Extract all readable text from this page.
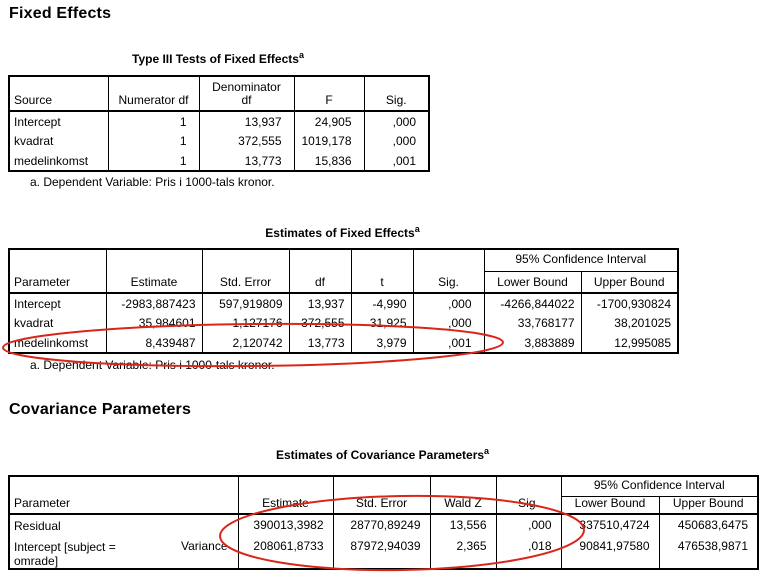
Fixed Effects
Type III Tests of Fixed Effects$^a$
Source	Numerator df	Denominator df	F	Sig.
Intercept	1	13,937	24,905	,000
kvadrat	1	372,555	1019,178	,000
medelinkomst	1	13,773	15,836	,001
a. Dependent Variable: Pris i 1000-tals kronor.
Estimates of Fixed Effects$^a$
Parameter	Estimate	Std. Error	df	t	Sig.	95% Confidence Interval	
						Lower Bound	Upper Bound
Intercept	-2983,887423	597,919809	13,937	-4,990	,000	-4266,844022	-1700,930824
kvadrat	35,984601	1,127176	372,555	31,925	,000	33,768177	38,201025
medelinkomst	8,439487	2,120742	13,773	3,979	,001	3,883889	12,995085
a. Dependent Variable: Pris i 1000-tals kronor.
Covariance Parameters
Estimates of Covariance Parameters$^a$
Parameter	Estimate	Std. Error	Wald Z	Sig.	95% Confidence Interval	
					Lower Bound	Upper Bound

Residual	390013,3982	28770,89249	13,556	,000	337510,4724	450683,6475

Intercept [subject =
omrade]
Variance	208061,8733	87972,94039	2,365	,018	90841,97580	476538,9871
